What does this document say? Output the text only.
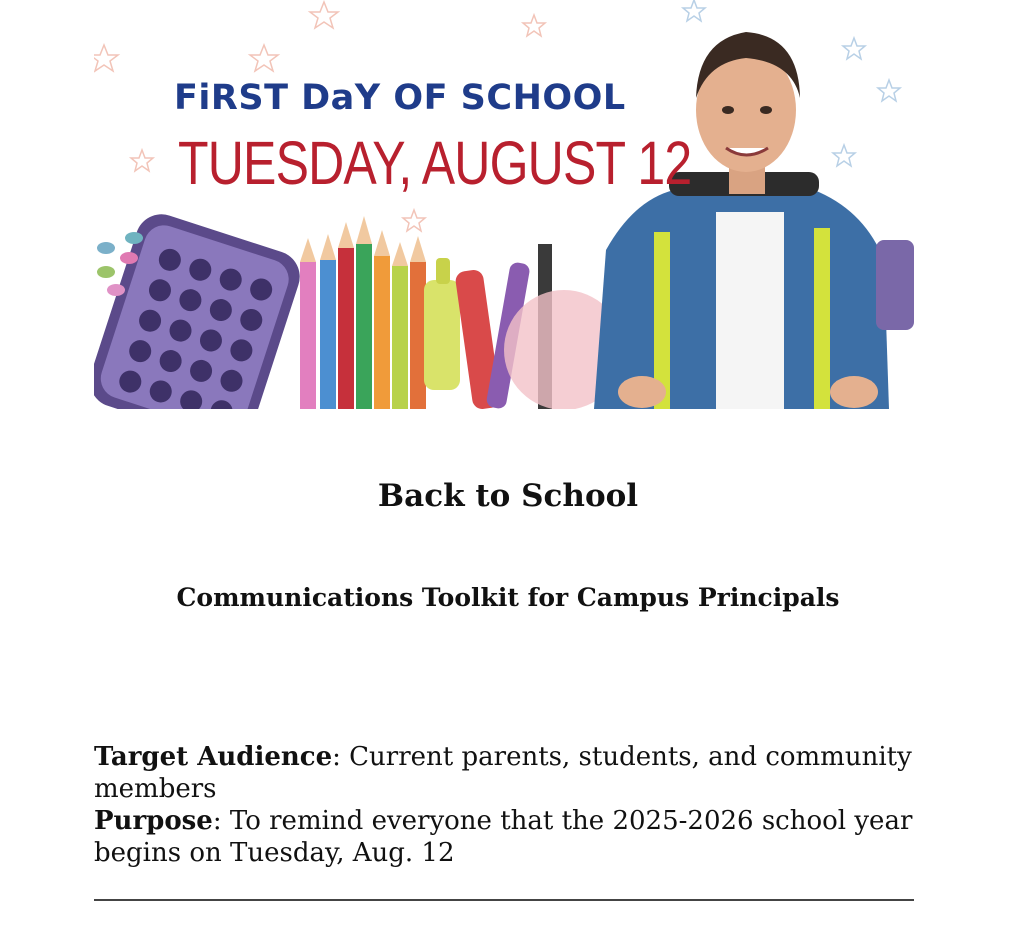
FiRST DaY OF SCHOOL
TUESDAY, AUGUST 12
Back to School
Communications Toolkit for Campus Principals

Target Audience: Current parents, students, and community members

Purpose: To remind everyone that the 2025-2026 school year begins on Tuesday, Aug. 12
